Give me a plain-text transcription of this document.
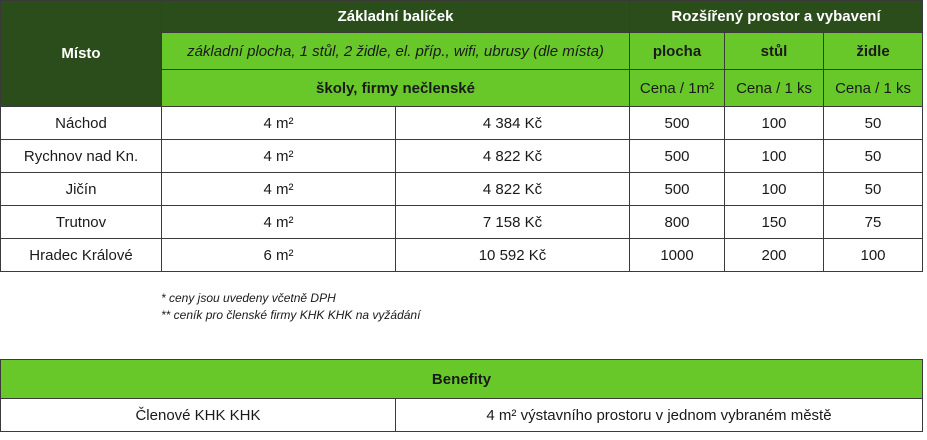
Místo	Základní balíček		Rozšířený prostor a vybavení		
	základní plocha, 1 stůl, 2 židle, el. příp., wifi, ubrusy (dle místa)		plocha	stůl	židle
	školy, firmy nečlenské		Cena / 1m²	Cena / 1 ks	Cena / 1 ks
Náchod	4 m²	4 384 Kč	500	100	50
Rychnov nad Kn.	4 m²	4 822 Kč	500	100	50
Jičín	4 m²	4 822 Kč	500	100	50
Trutnov	4 m²	7 158 Kč	800	150	75
Hradec Králové	6 m²	10 592 Kč	1000	200	100
* ceny jsou uvedeny včetně DPH
** ceník pro členské firmy KHK KHK na vyžádání
Benefity
Členové KHK KHK	4 m² výstavního prostoru v jednom vybraném městě
